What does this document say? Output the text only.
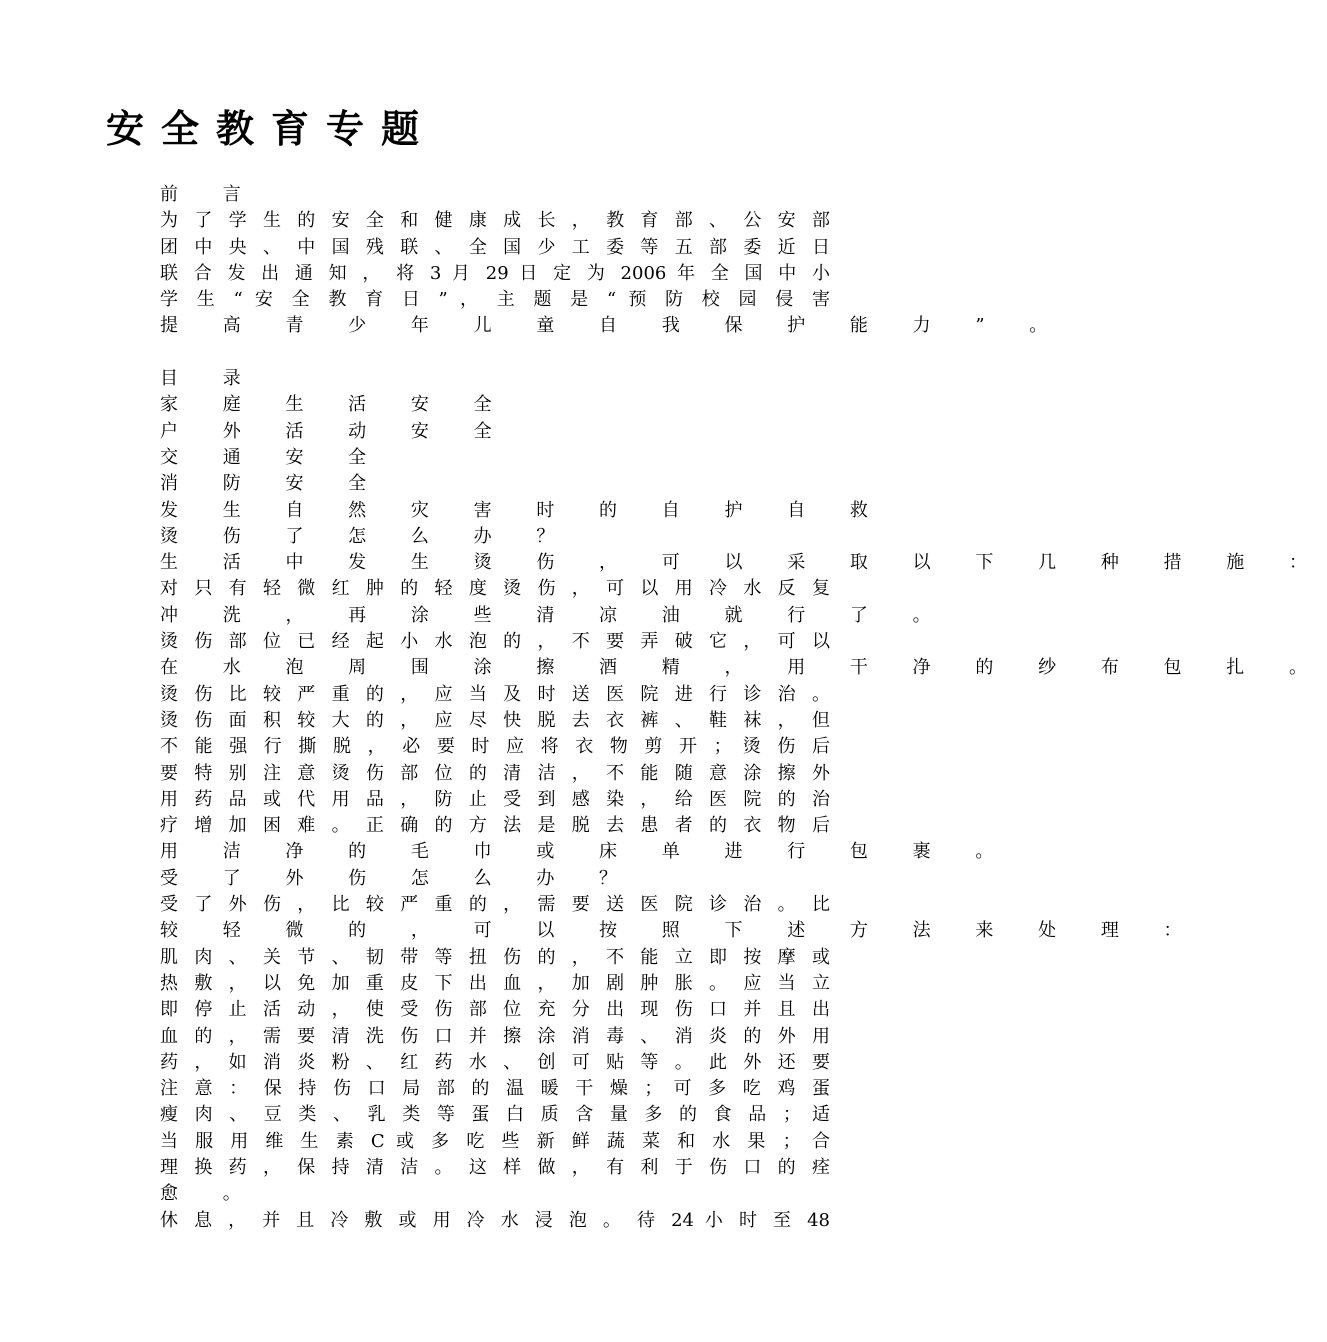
安全教育专题
前 言
为 了 学 生 的 安 全 和 健 康 成 长 ， 教 育 部 、 公 安 部
团 中 央 、 中 国 残 联 、 全 国 少 工 委 等 五 部 委 近 日
联 合 发 出 通 知 ， 将 3 月 29 日 定 为 2006 年 全 国 中 小
学 生 “ 安 全 教 育 日 ” ， 主 题 是 “ 预 防 校 园 侵 害
提 高 青 少 年 儿 童 自 我 保 护 能 力 ” 。
目 录
家 庭 生 活 安 全
户 外 活 动 安 全
交 通 安 全
消 防 安 全
发 生 自 然 灾 害 时 的 自 护 自 救
烫 伤 了 怎 么 办 ？
生 活 中 发 生 烫 伤 ， 可 以 采 取 以 下 几 种 措 施 ：
对 只 有 轻 微 红 肿 的 轻 度 烫 伤 ， 可 以 用 冷 水 反 复
冲 洗 ， 再 涂 些 清 凉 油 就 行 了 。
烫 伤 部 位 已 经 起 小 水 泡 的 ， 不 要 弄 破 它 ， 可 以
在 水 泡 周 围 涂 擦 酒 精 ， 用 干 净 的 纱 布 包 扎 。
烫 伤 比 较 严 重 的 ， 应 当 及 时 送 医 院 进 行 诊 治 。
烫 伤 面 积 较 大 的 ， 应 尽 快 脱 去 衣 裤 、 鞋 袜 ， 但
不 能 强 行 撕 脱 ， 必 要 时 应 将 衣 物 剪 开 ； 烫 伤 后
要 特 别 注 意 烫 伤 部 位 的 清 洁 ， 不 能 随 意 涂 擦 外
用 药 品 或 代 用 品 ， 防 止 受 到 感 染 ， 给 医 院 的 治
疗 增 加 困 难 。 正 确 的 方 法 是 脱 去 患 者 的 衣 物 后
用 洁 净 的 毛 巾 或 床 单 进 行 包 裹 。
受 了 外 伤 怎 么 办 ？
受 了 外 伤 ， 比 较 严 重 的 ， 需 要 送 医 院 诊 治 。 比
较 轻 微 的 ， 可 以 按 照 下 述 方 法 来 处 理 ：
肌 肉 、 关 节 、 韧 带 等 扭 伤 的 ， 不 能 立 即 按 摩 或
热 敷 ， 以 免 加 重 皮 下 出 血 ， 加 剧 肿 胀 。 应 当 立
即 停 止 活 动 ， 使 受 伤 部 位 充 分 出 现 伤 口 并 且 出
血 的 ， 需 要 清 洗 伤 口 并 擦 涂 消 毒 、 消 炎 的 外 用
药 ， 如 消 炎 粉 、 红 药 水 、 创 可 贴 等 。 此 外 还 要
注 意 ： 保 持 伤 口 局 部 的 温 暖 干 燥 ； 可 多 吃 鸡 蛋
瘦 肉 、 豆 类 、 乳 类 等 蛋 白 质 含 量 多 的 食 品 ； 适
当 服 用 维 生 素 C 或 多 吃 些 新 鲜 蔬 菜 和 水 果 ； 合
理 换 药 ， 保 持 清 洁 。 这 样 做 ， 有 利 于 伤 口 的 痊
愈 。
休 息 ， 并 且 冷 敷 或 用 冷 水 浸 泡 。 待 24 小 时 至 48
